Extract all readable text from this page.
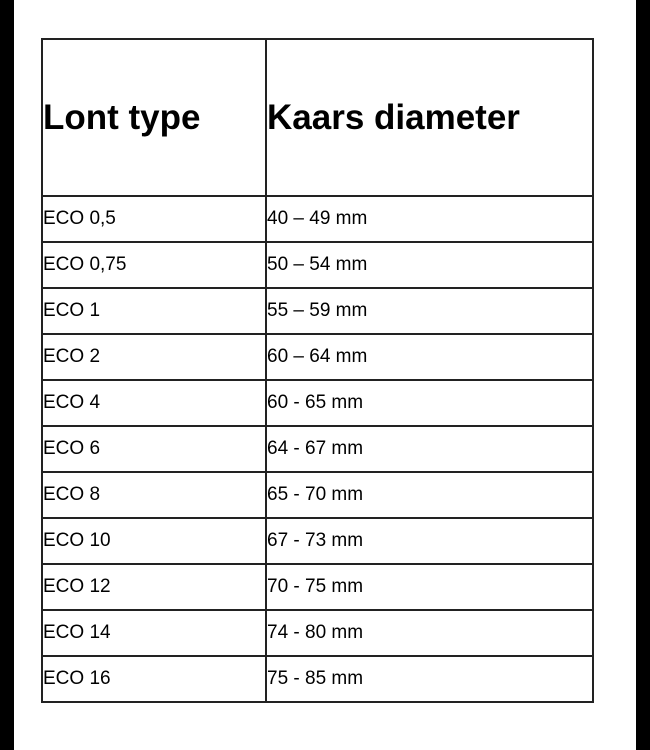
Lont type	Kaars diameter
ECO 0,5	40 – 49 mm
ECO 0,75	50 – 54 mm
ECO 1	55 – 59 mm
ECO 2	60 – 64 mm
ECO 4	60 - 65 mm
ECO 6	64 - 67 mm
ECO 8	65 - 70 mm
ECO 10	67 - 73 mm
ECO 12	70 - 75 mm
ECO 14	74 - 80 mm
ECO 16	75 - 85 mm
